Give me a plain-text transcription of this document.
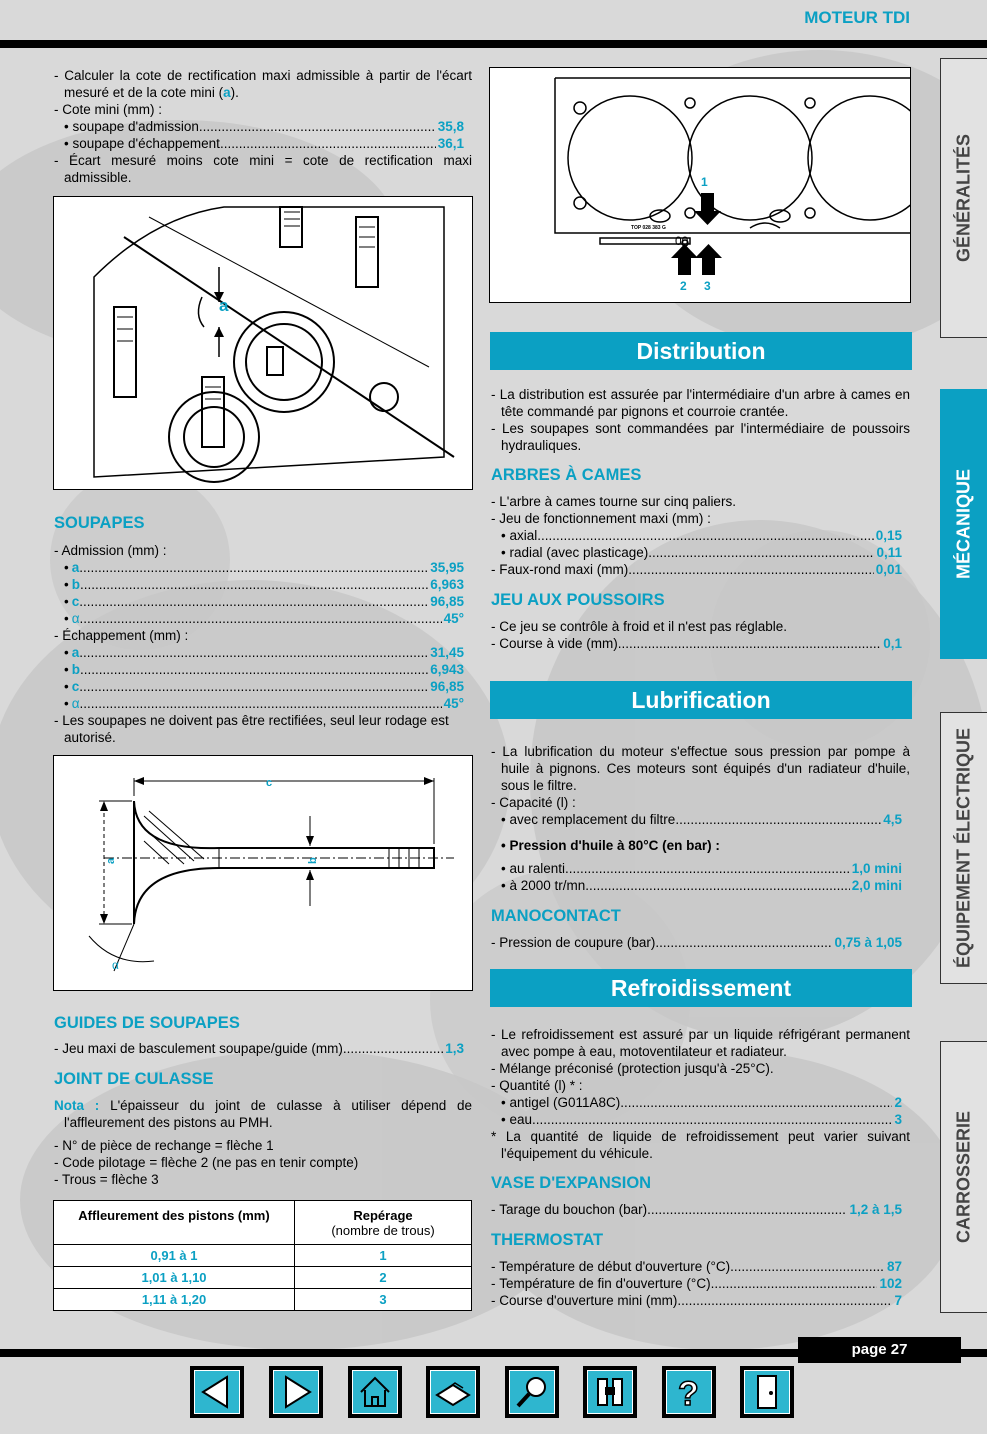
MOTEUR TDI

- Calculer la cote de rectification maxi admissible à partir de l'écart mesuré et de la cote mini (a).

- Cote mini (mm) :

• soupape d'admission .....	35,8
• soupape d'échappement .....	36,1

- Écart mesuré moins cote mini = cote de rectification maxi admissible.

a

SOUPAPES

- Admission (mm) :

• a .....	35,95
• b .....	6,963
• c .....	96,85
• α .....	45°

- Échappement (mm) :

• a .....	31,45
• b .....	6,943
• c .....	96,85
• α .....	45°

- Les soupapes ne doivent pas être rectifiées, seul leur rodage est autorisé.

c
a	b
α

GUIDES DE SOUPAPES

- Jeu maxi de basculement soupape/guide (mm) .....	1,3

JOINT DE CULASSE

Nota : L'épaisseur du joint de culasse à utiliser dépend de l'affleurement des pistons au PMH.

- N° de pièce de rechange = flèche 1

- Code pilotage = flèche 2 (ne pas en tenir compte)

- Trous = flèche 3

Affleurement des pistons (mm)	Repérage
(nombre de trous)
0,91 à 1	1
1,01 à 1,10	2
1,11 à 1,20	3
TOP 028 383 G
00
1
2 3
Distribution

- La distribution est assurée par l'intermédiaire d'un arbre à cames en tête commandé par pignons et courroie crantée.

- Les soupapes sont commandées par l'intermédiaire de poussoirs hydrauliques.

ARBRES À CAMES

- L'arbre à cames tourne sur cinq paliers.

- Jeu de fonctionnement maxi (mm) :

• axial .....	0,15
• radial (avec plasticage) .....	0,11
- Faux-rond maxi (mm) .....	0,01

JEU AUX POUSSOIRS

- Ce jeu se contrôle à froid et il n'est pas réglable.

- Course à vide (mm) .....	0,1
Lubrification

- La lubrification du moteur s'effectue sous pression par pompe à huile à pignons. Ces moteurs sont équipés d'un radiateur d'huile, sous le filtre.

- Capacité (l) :

• avec remplacement du filtre .....	4,5

• Pression d'huile à 80°C (en bar) :

• au ralenti .....	1,0 mini
• à 2000 tr/mn .....	2,0 mini

MANOCONTACT

- Pression de coupure (bar) .....	0,75 à 1,05
Refroidissement

- Le refroidissement est assuré par un liquide réfrigérant permanent avec pompe à eau, motoventilateur et radiateur.

- Mélange préconisé (protection jusqu'à -25°C).

- Quantité (l) * :

• antigel (G011A8C) .....	2
• eau .....	3

* La quantité de liquide de refroidissement peut varier suivant l'équipement du véhicule.

VASE D'EXPANSION

- Tarage du bouchon (bar) .....	1,2 à 1,5

THERMOSTAT

- Température de début d'ouverture (°C) .....	87
- Température de fin d'ouverture (°C) .....	102
- Course d'ouverture mini (mm) .....	7
GÉNÉRALITÉS
MÉCANIQUE
ÉQUIPEMENT ÉLECTRIQUE
CARROSSERIE
page 27
?
